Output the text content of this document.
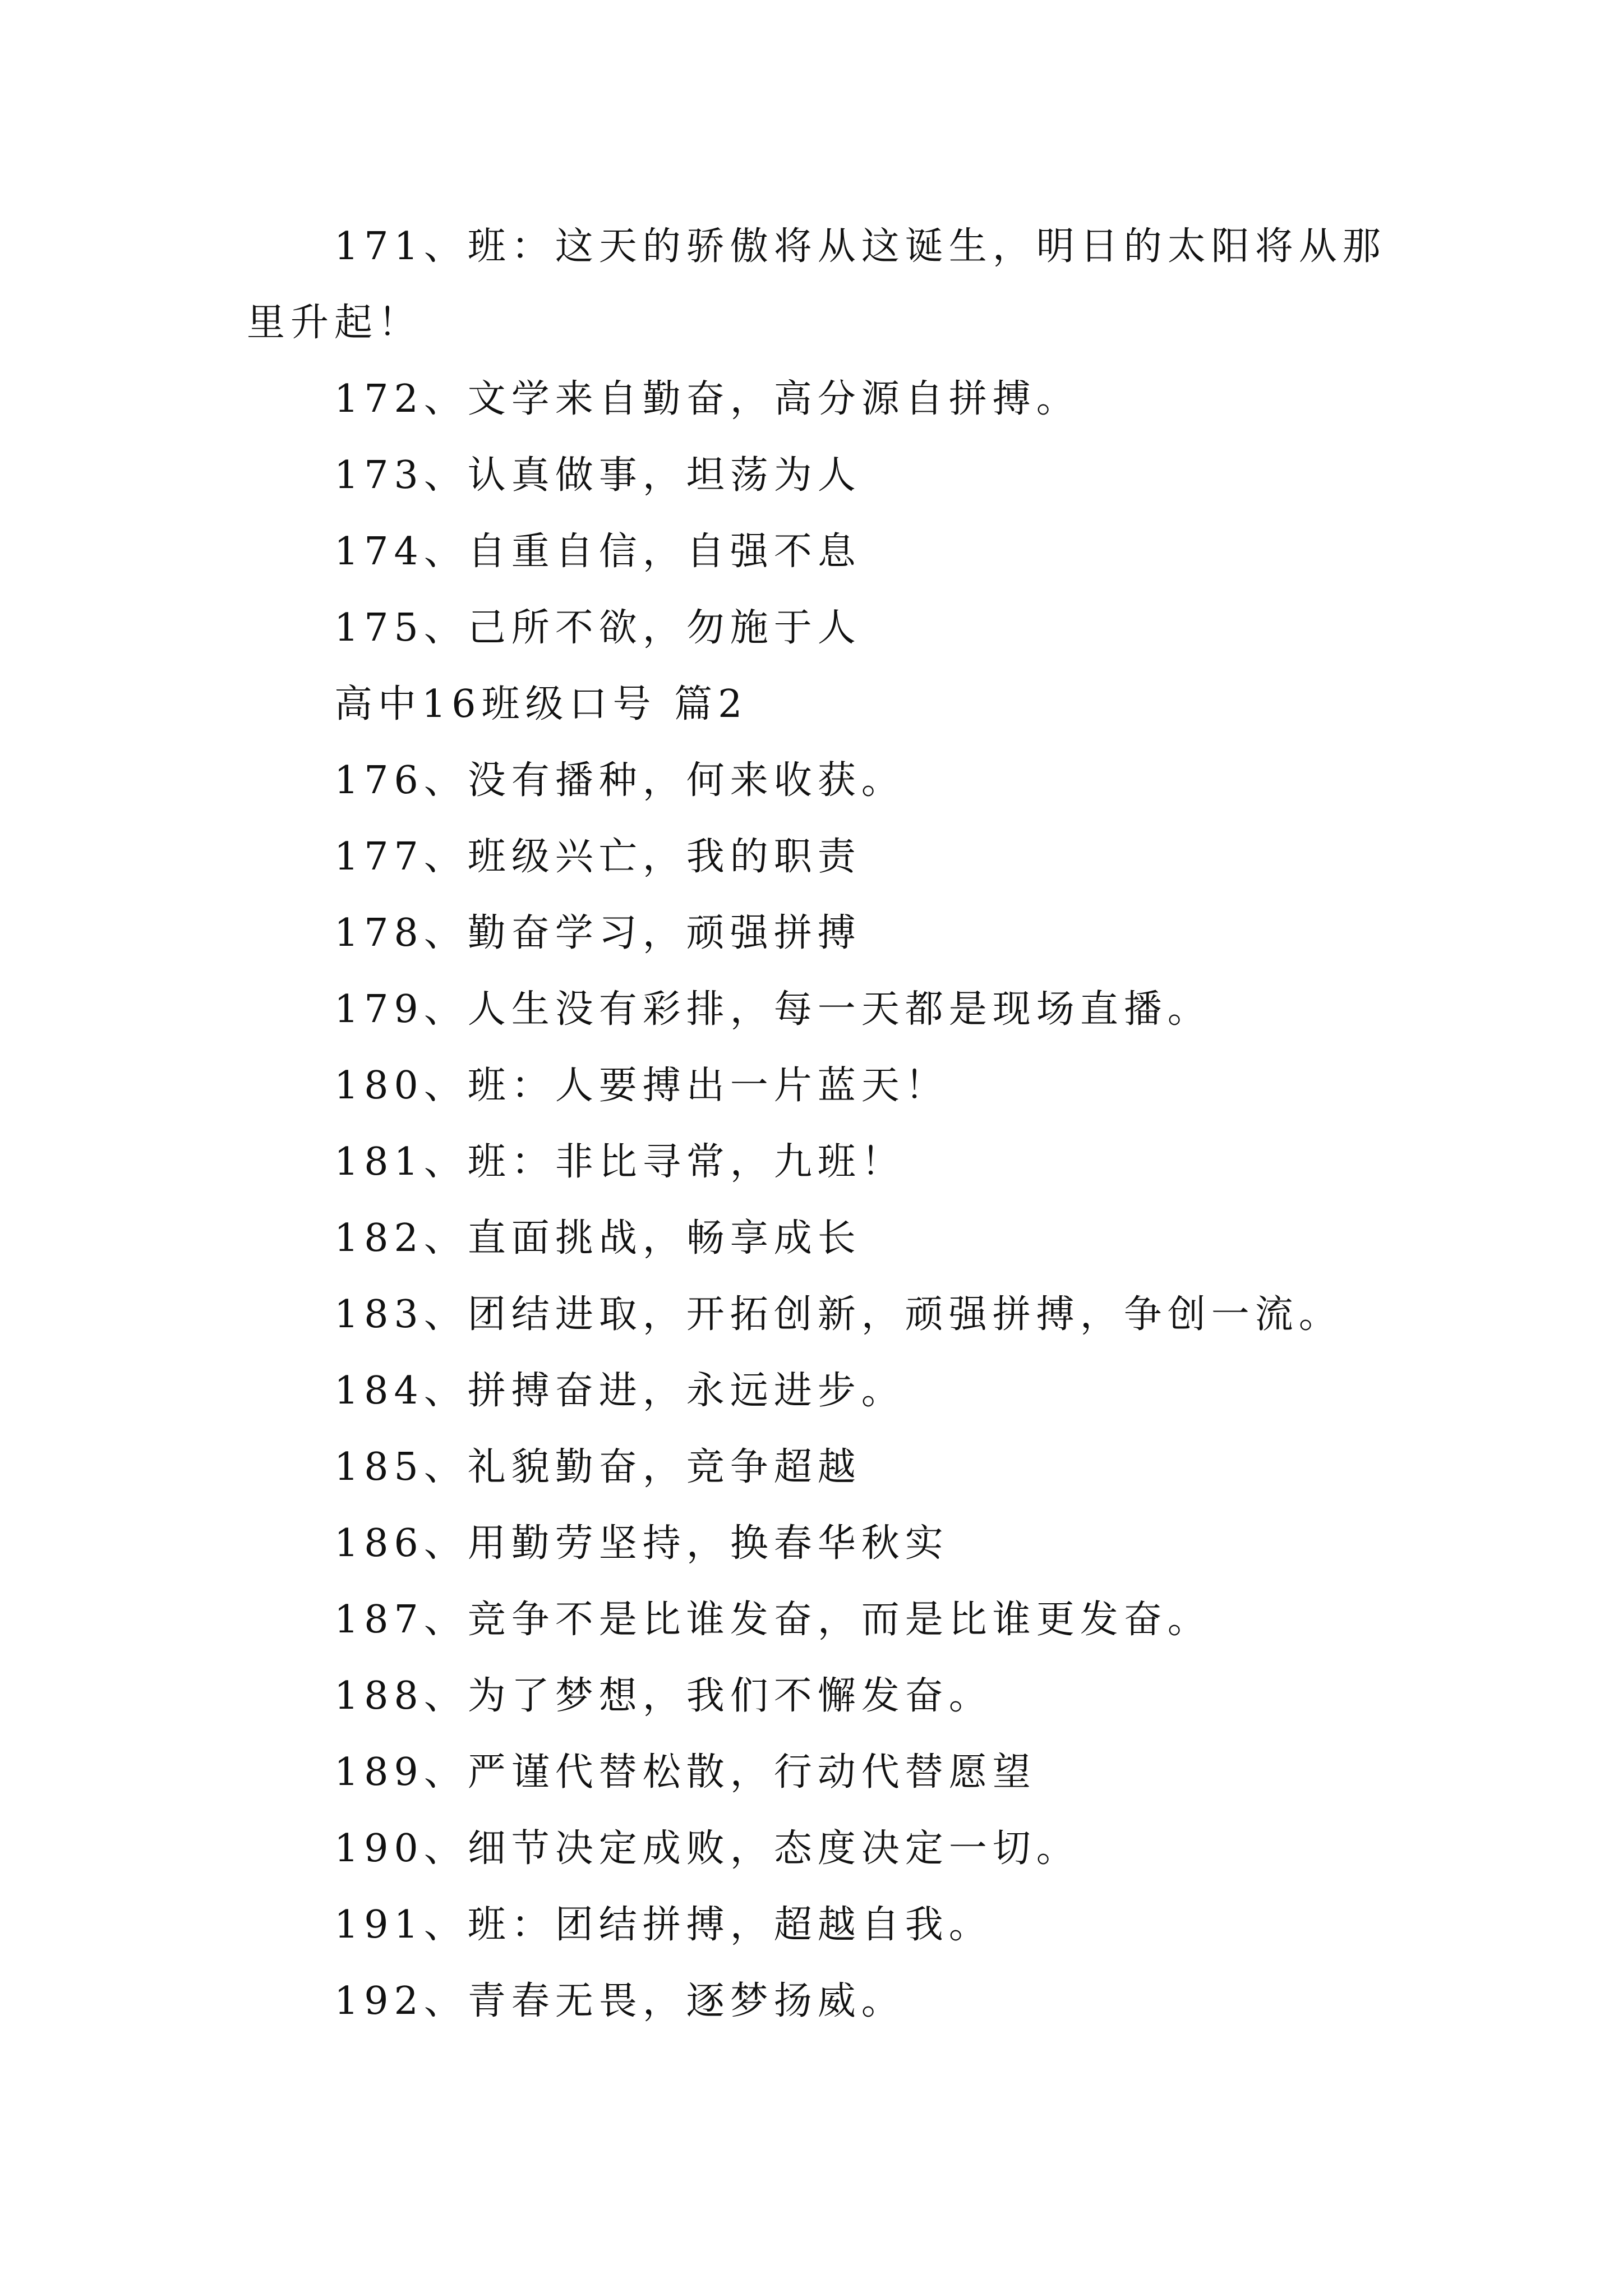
171、班：这天的骄傲将从这诞生，明日的太阳将从那里升起！

172、文学来自勤奋，高分源自拼搏。

173、认真做事，坦荡为人

174、自重自信，自强不息

175、己所不欲，勿施于人

高中16班级口号 篇2

176、没有播种，何来收获。

177、班级兴亡，我的职责

178、勤奋学习，顽强拼搏

179、人生没有彩排，每一天都是现场直播。

180、班：人要搏出一片蓝天！

181、班：非比寻常，九班！

182、直面挑战，畅享成长

183、团结进取，开拓创新，顽强拼搏，争创一流。

184、拼搏奋进，永远进步。

185、礼貌勤奋，竞争超越

186、用勤劳坚持，换春华秋实

187、竞争不是比谁发奋，而是比谁更发奋。

188、为了梦想，我们不懈发奋。

189、严谨代替松散，行动代替愿望

190、细节决定成败，态度决定一切。

191、班：团结拼搏，超越自我。

192、青春无畏，逐梦扬威。
